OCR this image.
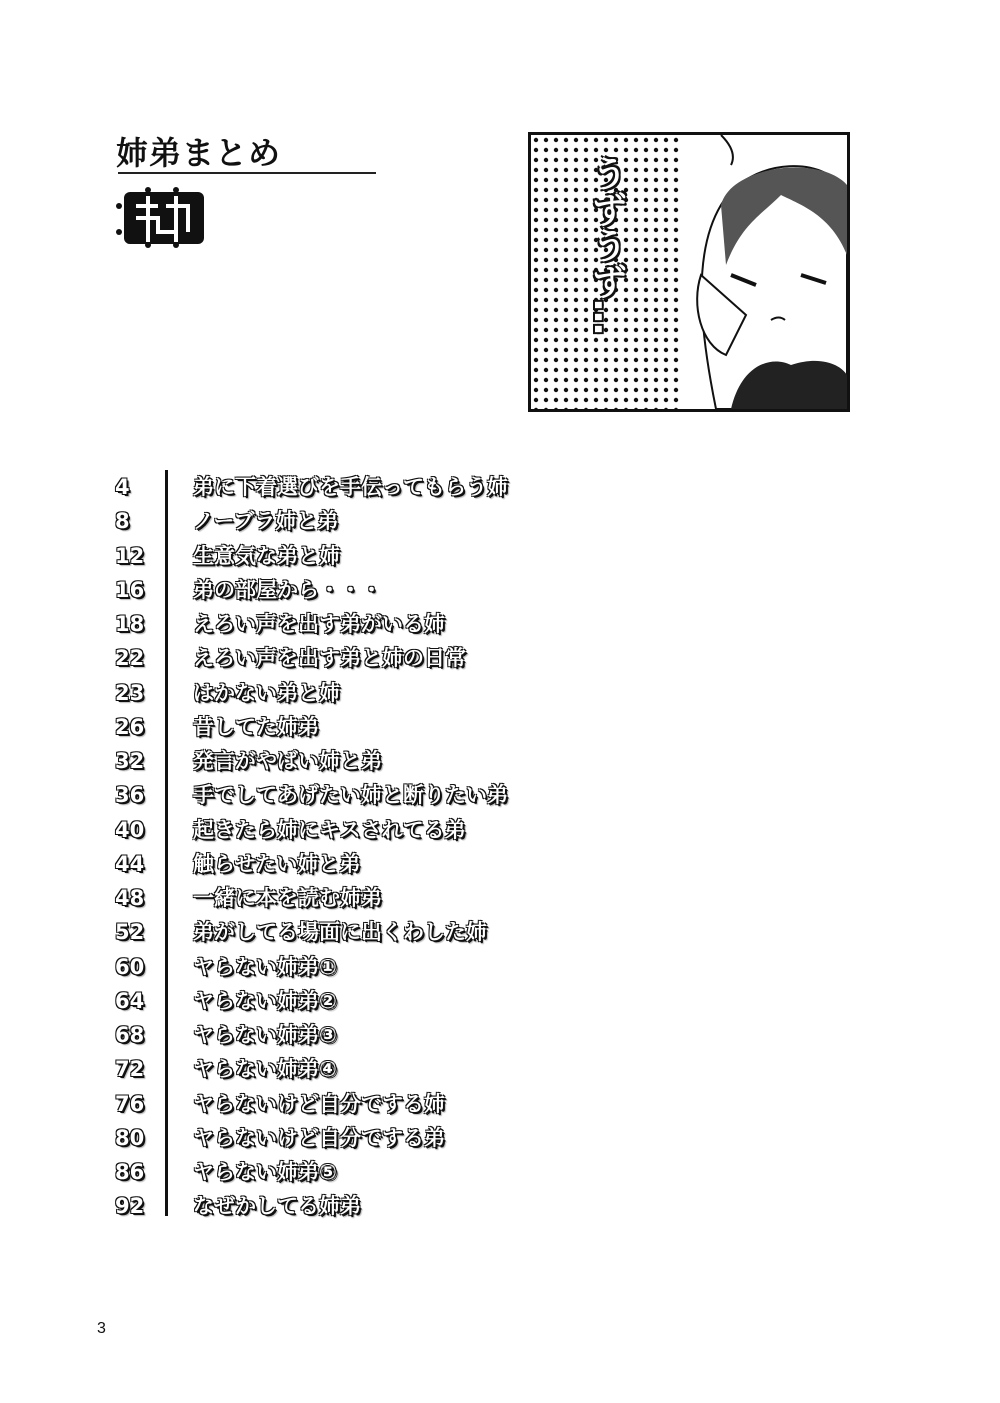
姉弟まとめ
うずうず…
4	弟に下着選びを手伝ってもらう姉
8	ノーブラ姉と弟
12 生意気な弟と姉
16 弟の部屋から・・・
18 えろい声を出す弟がいる姉
22 えろい声を出す弟と姉の日常
23 はかない弟と姉
26 昔してた姉弟
32 発言がやばい姉と弟
36 手でしてあげたい姉と断りたい弟
40 起きたら姉にキスされてる弟
44 触らせたい姉と弟
48 一緒に本を読む姉弟
52 弟がしてる場面に出くわした姉
60 ヤらない姉弟①
64 ヤらない姉弟②
68 ヤらない姉弟③
72 ヤらない姉弟④
76 ヤらないけど自分でする姉
80 ヤらないけど自分でする弟
86 ヤらない姉弟⑤
92 なぜかしてる姉弟
3
